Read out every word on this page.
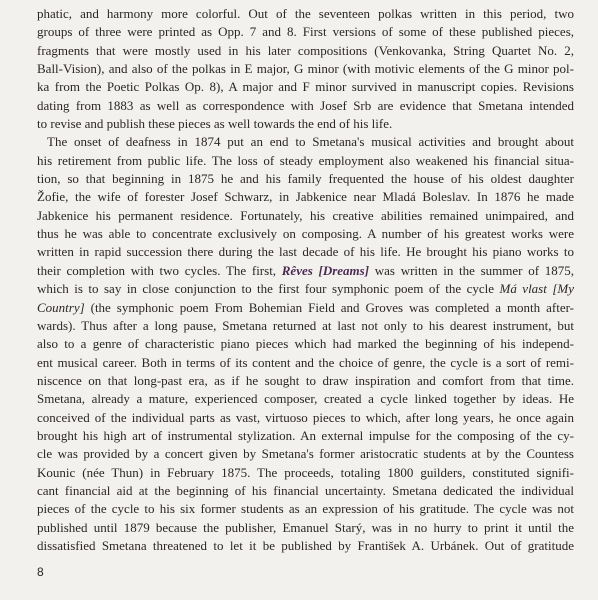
phatic, and harmony more colorful. Out of the seventeen polkas written in this period, two
groups of three were printed as Opp. 7 and 8. First versions of some of these published pieces,
fragments that were mostly used in his later compositions (Venkovanka, String Quartet No. 2,
Ball-Vision), and also of the polkas in E major, G minor (with motivic elements of the G minor pol-
ka from the Poetic Polkas Op. 8), A major and F minor survived in manuscript copies. Revisions
dating from 1883 as well as correspondence with Josef Srb are evidence that Smetana intended
to revise and publish these pieces as well towards the end of his life.
The onset of deafness in 1874 put an end to Smetana's musical activities and brought about
his retirement from public life. The loss of steady employment also weakened his financial situa-
tion, so that beginning in 1875 he and his family frequented the house of his oldest daughter
Žofie, the wife of forester Josef Schwarz, in Jabkenice near Mladá Boleslav. In 1876 he made
Jabkenice his permanent residence. Fortunately, his creative abilities remained unimpaired, and
thus he was able to concentrate exclusively on composing. A number of his greatest works were
written in rapid succession there during the last decade of his life. He brought his piano works to
their completion with two cycles. The first, Rêves [Dreams] was written in the summer of 1875,
which is to say in close conjunction to the first four symphonic poem of the cycle Má vlast [My
Country] (the symphonic poem From Bohemian Field and Groves was completed a month after-
wards). Thus after a long pause, Smetana returned at last not only to his dearest instrument, but
also to a genre of characteristic piano pieces which had marked the beginning of his independ-
ent musical career. Both in terms of its content and the choice of genre, the cycle is a sort of remi-
niscence on that long-past era, as if he sought to draw inspiration and comfort from that time.
Smetana, already a mature, experienced composer, created a cycle linked together by ideas. He
conceived of the individual parts as vast, virtuoso pieces to which, after long years, he once again
brought his high art of instrumental stylization. An external impulse for the composing of the cy-
cle was provided by a concert given by Smetana's former aristocratic students at by the Countess
Kounic (née Thun) in February 1875. The proceeds, totaling 1800 guilders, constituted signifi-
cant financial aid at the beginning of his financial uncertainty. Smetana dedicated the individual
pieces of the cycle to his six former students as an expression of his gratitude. The cycle was not
published until 1879 because the publisher, Emanuel Starý, was in no hurry to print it until the
dissatisfied Smetana threatened to let it be published by František A. Urbánek. Out of gratitude
8
